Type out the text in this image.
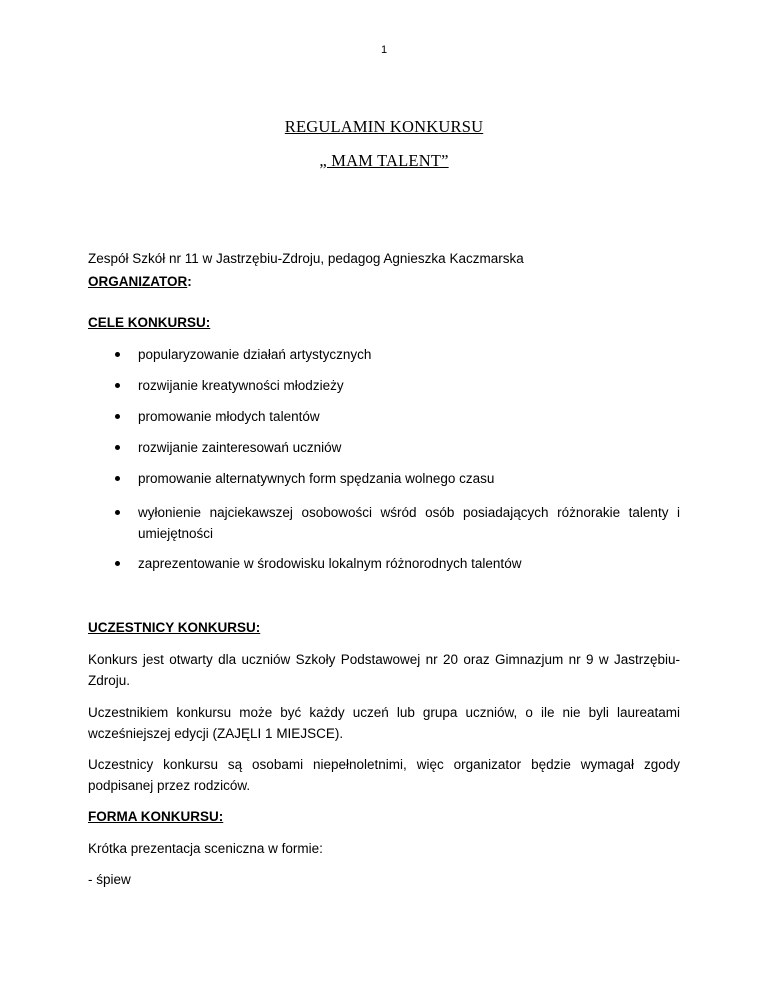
1
REGULAMIN KONKURSU
„ MAM TALENT”
ORGANIZATOR:
Zespół Szkół nr 11 w Jastrzębiu-Zdroju, pedagog Agnieszka Kaczmarska
CELE KONKURSU:
popularyzowanie działań artystycznych
rozwijanie kreatywności młodzieży
promowanie młodych talentów
rozwijanie zainteresowań uczniów
promowanie alternatywnych form spędzania wolnego czasu
wyłonienie najciekawszej osobowości wśród osób posiadających różnorakie talenty i umiejętności
zaprezentowanie w środowisku lokalnym różnorodnych talentów
UCZESTNICY KONKURSU:
Konkurs jest otwarty dla uczniów Szkoły Podstawowej nr 20 oraz Gimnazjum nr 9 w Jastrzębiu-Zdroju.
Uczestnikiem konkursu może być każdy uczeń lub grupa uczniów, o ile nie byli laureatami wcześniejszej edycji (ZAJĘLI 1 MIEJSCE).
Uczestnicy konkursu są osobami niepełnoletnimi, więc organizator będzie wymagał zgody podpisanej przez rodziców.
FORMA KONKURSU:
Krótka prezentacja sceniczna w formie:
- śpiew
